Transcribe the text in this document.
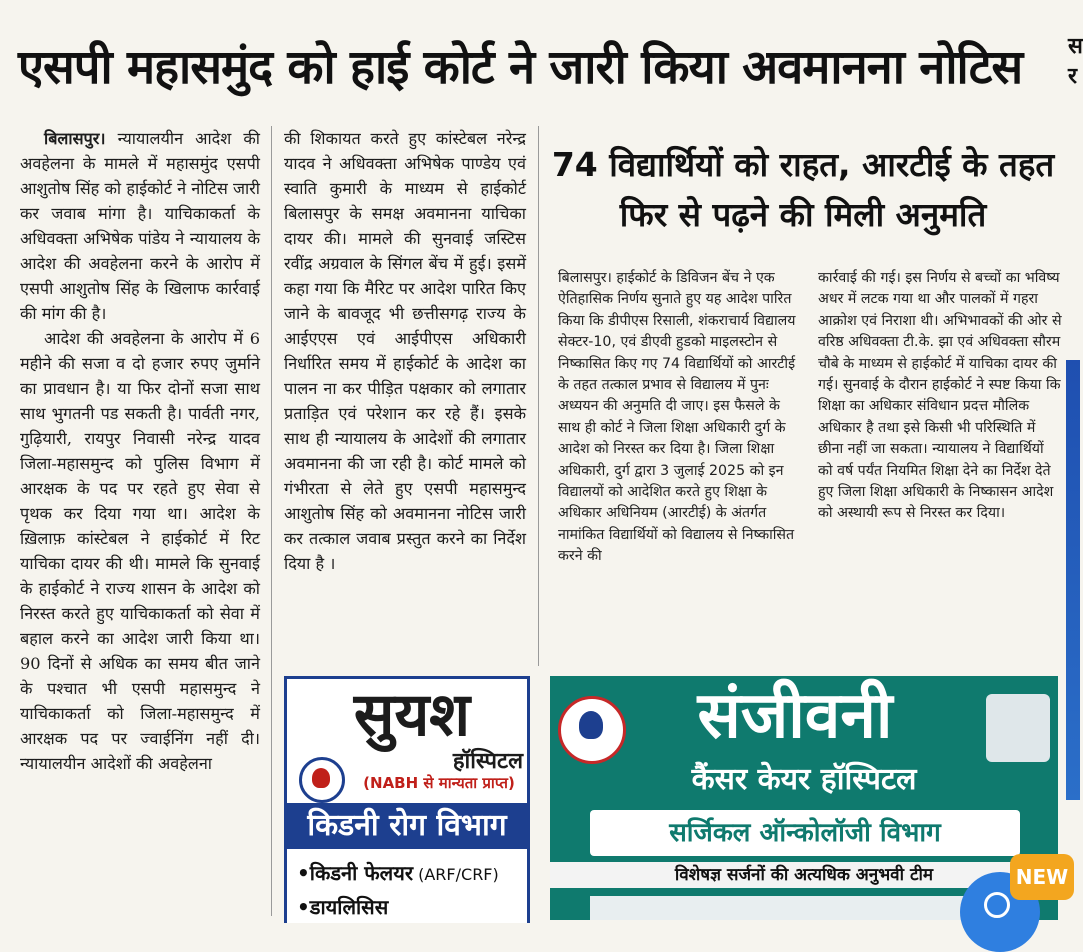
एसपी महासमुंद को हाई कोर्ट ने जारी किया अवमानना नोटिस	स र

बिलासपुर। न्यायालयीन आदेश की अवहेलना के मामले में महासमुंद एसपी आशुतोष सिंह को हाईकोर्ट ने नोटिस जारी कर जवाब मांगा है। याचिकाकर्ता के अधिवक्ता अभिषेक पांडेय ने न्यायालय के आदेश की अवहेलना करने के आरोप में एसपी आशुतोष सिंह के खिलाफ कार्रवाई की मांग की है।

आदेश की अवहेलना के आरोप में 6 महीने की सजा व दो हजार रुपए जुर्माने का प्रावधान है। या फिर दोनों सजा साथ साथ भुगतनी पड सकती है। पार्वती नगर, गुढ़ियारी, रायपुर निवासी नरेन्द्र यादव जिला-महासमुन्द को पुलिस विभाग में आरक्षक के पद पर रहते हुए सेवा से पृथक कर दिया गया था। आदेश के ख़िलाफ़ कांस्टेबल ने हाईकोर्ट में रिट याचिका दायर की थी। मामले कि सुनवाई के हाईकोर्ट ने राज्य शासन के आदेश को निरस्त करते हुए याचिकाकर्ता को सेवा में बहाल करने का आदेश जारी किया था। 90 दिनों से अधिक का समय बीत जाने के पश्चात भी एसपी महासमुन्द ने याचिकाकर्ता को जिला-महासमुन्द में आरक्षक पद पर ज्वाईनिंग नहीं दी। न्यायालयीन आदेशों की अवहेलना

की शिकायत करते हुए कांस्टेबल नरेन्द्र यादव ने अधिवक्ता अभिषेक पाण्डेय एवं स्वाति कुमारी के माध्यम से हाईकोर्ट बिलासपुर के समक्ष अवमानना याचिका दायर की। मामले की सुनवाई जस्टिस रवींद्र अग्रवाल के सिंगल बेंच में हुई। इसमें कहा गया कि मैरिट पर आदेश पारित किए जाने के बावजूद भी छत्तीसगढ़ राज्य के आईएएस एवं आईपीएस अधिकारी निर्धारित समय में हाईकोर्ट के आदेश का पालन ना कर पीड़ित पक्षकार को लगातार प्रताड़ित एवं परेशान कर रहे हैं। इसके साथ ही न्यायालय के आदेशों की लगातार अवमानना की जा रही है। कोर्ट मामले को गंभीरता से लेते हुए एसपी महासमुन्द आशुतोष सिंह को अवमानना नोटिस जारी कर तत्काल जवाब प्रस्तुत करने का निर्देश दिया है ।

74 विद्यार्थियों को राहत, आरटीई के तहत फिर से पढ़ने की मिली अनुमति
बिलासपुर। हाईकोर्ट के डिविजन बेंच ने एक ऐतिहासिक निर्णय सुनाते हुए यह आदेश पारित किया कि डीपीएस रिसाली, शंकराचार्य विद्यालय सेक्टर-10, एवं डीएवी हुडको माइलस्टोन से निष्कासित किए गए 74 विद्यार्थियों को आरटीई के तहत तत्काल प्रभाव से विद्यालय में पुनः अध्ययन की अनुमति दी जाए। इस फैसले के साथ ही कोर्ट ने जिला शिक्षा अधिकारी दुर्ग के आदेश को निरस्त कर दिया है। जिला शिक्षा अधिकारी, दुर्ग द्वारा 3 जुलाई 2025 को इन विद्यालयों को आदेशित करते हुए शिक्षा के अधिकार अधिनियम (आरटीई) के अंतर्गत नामांकित विद्यार्थियों को विद्यालय से निष्कासित करने की
कार्रवाई की गई। इस निर्णय से बच्चों का भविष्य अधर में लटक गया था और पालकों में गहरा आक्रोश एवं निराशा थी। अभिभावकों की ओर से वरिष्ठ अधिवक्ता टी.के. झा एवं अधिवक्ता सौरम चौबे के माध्यम से हाईकोर्ट में याचिका दायर की गई। सुनवाई के दौरान हाईकोर्ट ने स्पष्ट किया कि शिक्षा का अधिकार संविधान प्रदत्त मौलिक अधिकार है तथा इसे किसी भी परिस्थिति में छीना नहीं जा सकता। न्यायालय ने विद्यार्थियों को वर्ष पर्यंत नियमित शिक्षा देने का निर्देश देते हुए जिला शिक्षा अधिकारी के निष्कासन आदेश को अस्थायी रूप से निरस्त कर दिया।
सुयश
हॉस्पिटल
(NABH से मान्यता प्राप्त)
किडनी रोग विभाग
•किडनी फेलयर (ARF/CRF)
•डायलिसिस
संजीवनी
कैंसर केयर हॉस्पिटल
सर्जिकल ऑन्कोलॉजी विभाग
विशेषज्ञ सर्जनों की अत्यधिक अनुभवी टीम	NEW
